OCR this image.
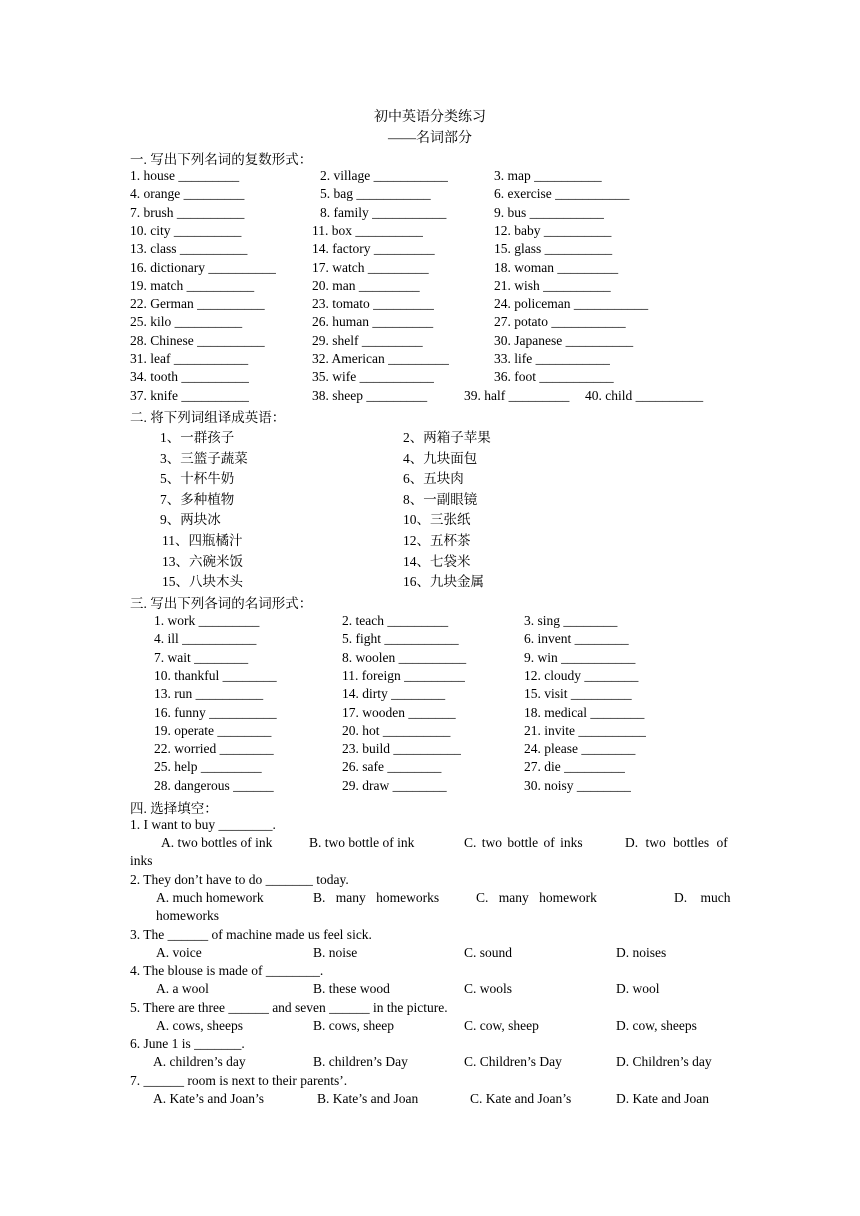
初中英语分类练习
——名词部分
一. 写出下列名词的复数形式：
1. house _________	2. village ___________	3. map __________
4. orange _________	5. bag ___________	6. exercise ___________
7. brush __________	8. family ___________	9. bus ___________
10. city __________	11. box __________	12. baby __________
13. class __________	14. factory _________	15. glass __________
16. dictionary __________	17. watch _________	18. woman _________
19. match __________	20. man _________	21. wish __________
22. German __________	23. tomato _________	24. policeman ___________
25. kilo __________	26. human _________	27. potato ___________
28. Chinese __________	29. shelf _________	30. Japanese __________
31. leaf ___________	32. American _________	33. life ___________
34. tooth __________	35. wife ___________	36. foot ___________
37. knife __________	38. sheep _________	39. half _________ 40. child __________
二. 将下列词组译成英语：
1、一群孩子	2、两箱子苹果
3、三篮子蔬菜	4、九块面包
5、十杯牛奶	6、五块肉
7、多种植物	8、一副眼镜
9、两块冰	10、三张纸
11、四瓶橘汁	12、五杯茶
13、六碗米饭	14、七袋米
15、八块木头	16、九块金属
三. 写出下列各词的名词形式：
1. work _________	2. teach _________	3. sing ________
4. ill ___________	5. fight ___________	6. invent ________
7. wait ________	8. woolen __________	9. win ___________
10. thankful ________	11. foreign _________	12. cloudy ________
13. run __________	14. dirty ________	15. visit _________
16. funny __________	17. wooden _______	18. medical ________
19. operate ________	20. hot __________	21. invite __________
22. worried ________	23. build __________	24. please ________
25. help _________	26. safe ________	27. die _________
28. dangerous ______	29. draw ________	30. noisy ________
四. 选择填空：
1. I want to buy ________.
A. two bottles of ink	B. two bottle of ink	C. two bottle of inks	D. two bottles of
inks
2. They don’t have to do _______ today.
A. much homework	B. many homeworks	C. many homework	D. much
homeworks
3. The ______ of machine made us feel sick.
A. voice	B. noise	C. sound	D. noises
4. The blouse is made of ________.
A. a wool	B. these wood	C. wools	D. wool
5. There are three ______ and seven ______ in the picture.
A. cows, sheeps	B. cows, sheep	C. cow, sheep	D. cow, sheeps
6. June 1 is _______.
A. children’s day	B. children’s Day	C. Children’s Day	D. Children’s day
7. ______ room is next to their parents’.
A. Kate’s and Joan’s	B. Kate’s and Joan	C. Kate and Joan’s	D. Kate and Joan
